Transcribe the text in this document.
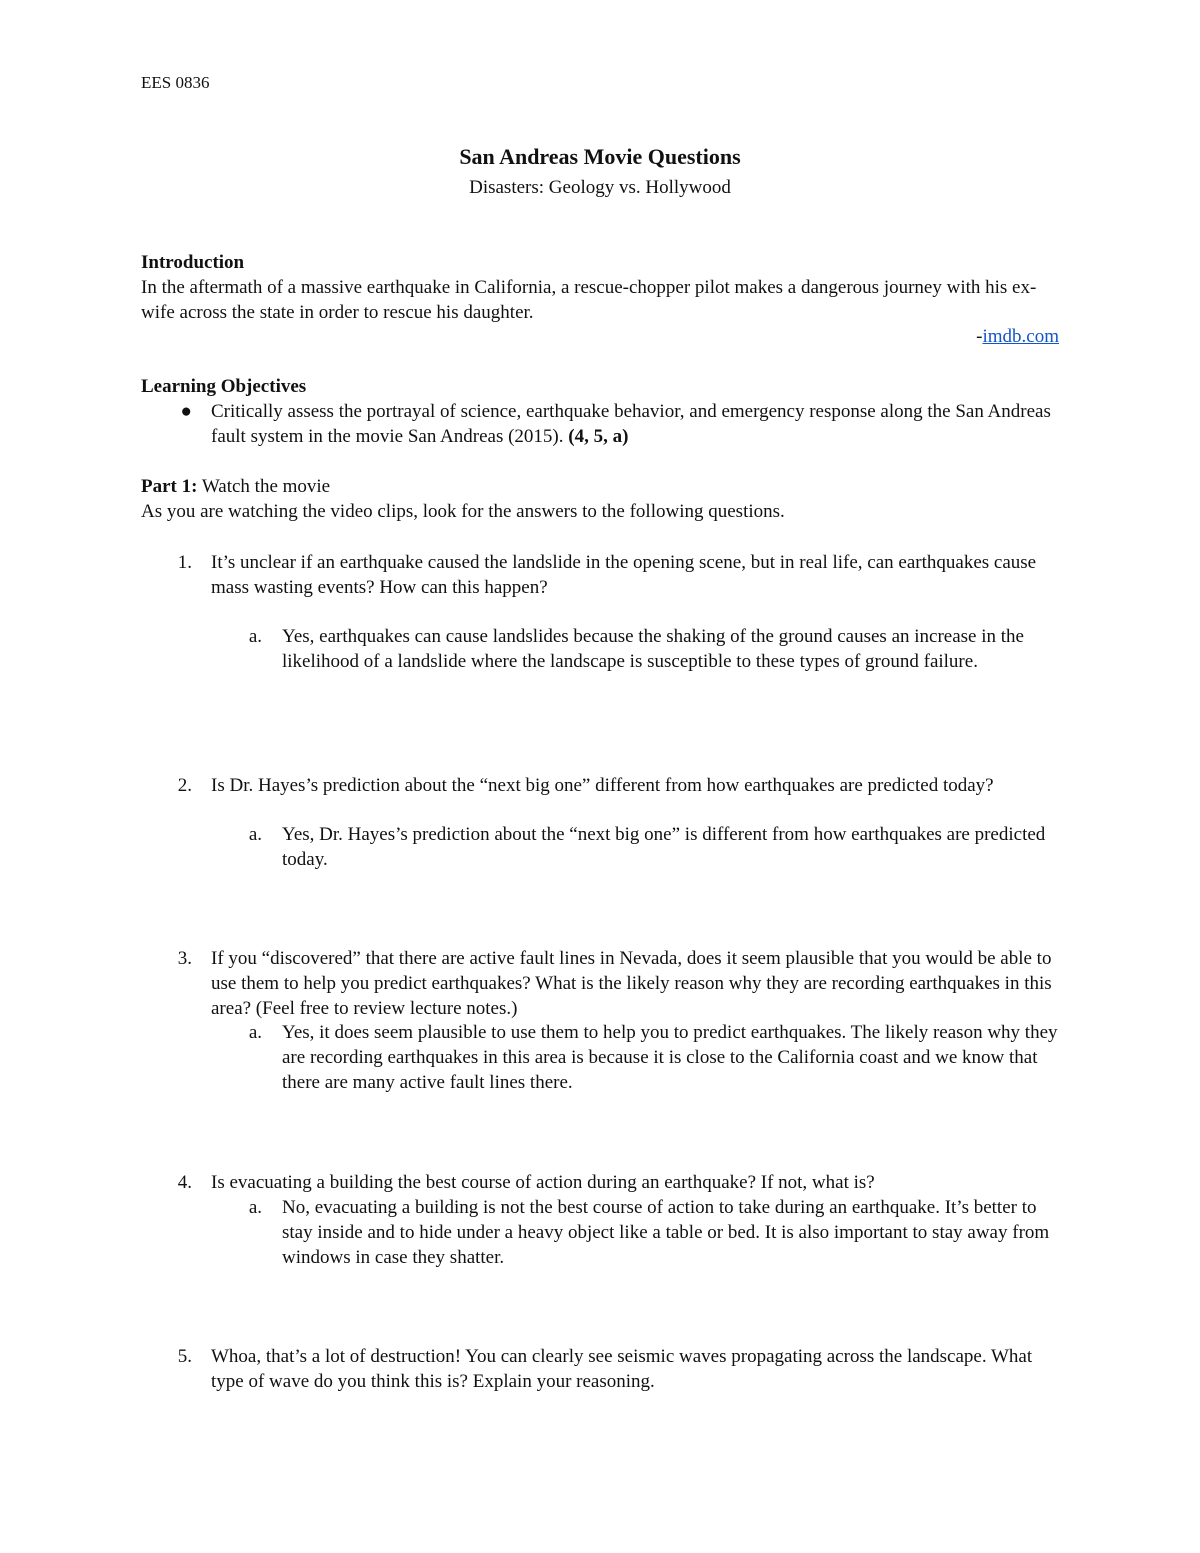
EES 0836
San Andreas Movie Questions
Disasters: Geology vs. Hollywood
Introduction
In the aftermath of a massive earthquake in California, a rescue-chopper pilot makes a dangerous journey with his ex-wife across the state in order to rescue his daughter.
-imdb.com
Learning Objectives
● Critically assess the portrayal of science, earthquake behavior, and emergency response along the San Andreas fault system in the movie San Andreas (2015). (4, 5, a)
Part 1: Watch the movie
As you are watching the video clips, look for the answers to the following questions.
1. It’s unclear if an earthquake caused the landslide in the opening scene, but in real life, can earthquakes cause mass wasting events? How can this happen?
a. Yes, earthquakes can cause landslides because the shaking of the ground causes an increase in the likelihood of a landslide where the landscape is susceptible to these types of ground failure.
2. Is Dr. Hayes’s prediction about the “next big one” different from how earthquakes are predicted today?
a. Yes, Dr. Hayes’s prediction about the “next big one” is different from how earthquakes are predicted today.
3. If you “discovered” that there are active fault lines in Nevada, does it seem plausible that you would be able to use them to help you predict earthquakes? What is the likely reason why they are recording earthquakes in this area? (Feel free to review lecture notes.)
a. Yes, it does seem plausible to use them to help you to predict earthquakes. The likely reason why they are recording earthquakes in this area is because it is close to the California coast and we know that there are many active fault lines there.
4. Is evacuating a building the best course of action during an earthquake? If not, what is?
a. No, evacuating a building is not the best course of action to take during an earthquake. It’s better to stay inside and to hide under a heavy object like a table or bed. It is also important to stay away from windows in case they shatter.
5. Whoa, that’s a lot of destruction! You can clearly see seismic waves propagating across the landscape. What type of wave do you think this is? Explain your reasoning.
